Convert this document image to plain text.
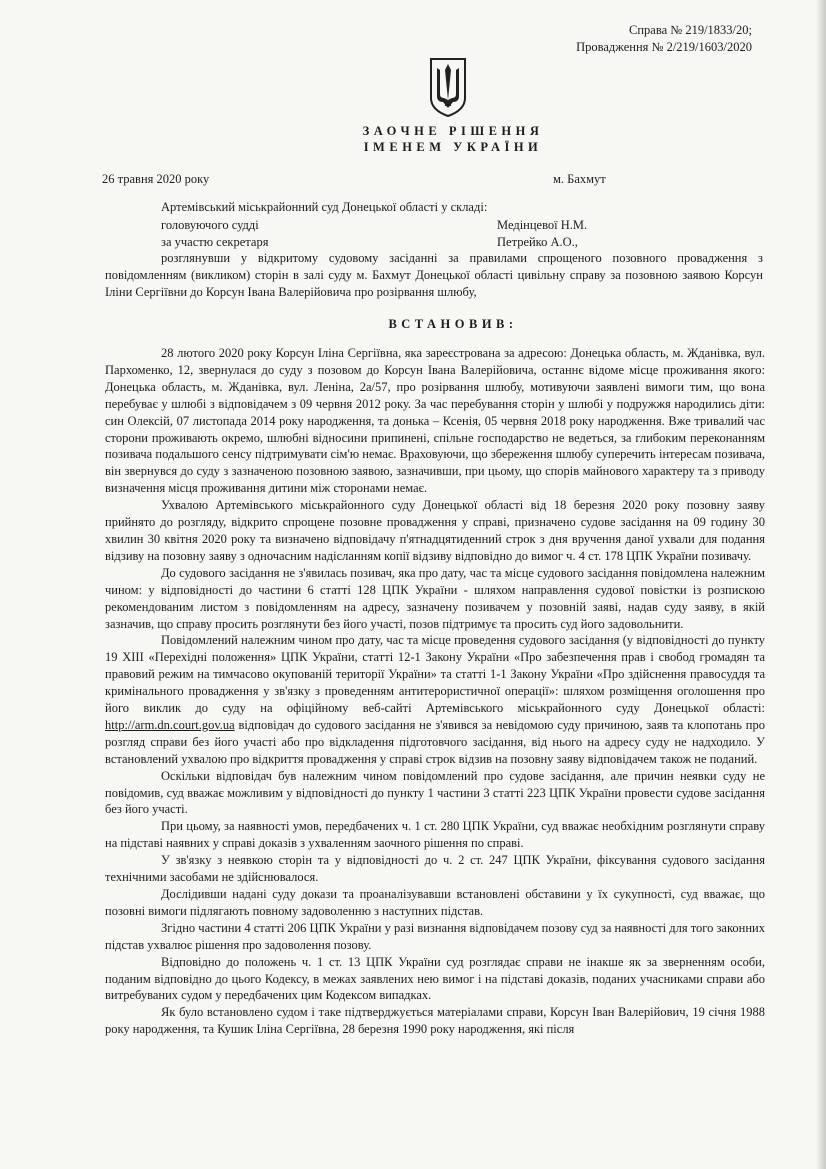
Справа № 219/1833/20;
Провадження № 2/219/1603/2020
ЗАОЧНЕ РІШЕННЯ
ІМЕНЕМ УКРАЇНИ
26 травня 2020 року	м. Бахмут
Артемівський міськрайонний суд Донецької області у складі:
головуючого судді	Медінцевої Н.М.
за участю секретаря	Петрейко А.О.,

розглянувши у відкритому судовому засіданні за правилами спрощеного позовного провадження з повідомленням (викликом) сторін в залі суду м. Бахмут Донецької області цивільну справу за позовною заявою Корсун Іліни Сергіївни до Корсун Івана Валерійовича про розірвання шлюбу,

ВСТАНОВИВ:

28 лютого 2020 року Корсун Іліна Сергіївна, яка зареєстрована за адресою: Донецька область, м. Жданівка, вул. Пархоменко, 12, звернулася до суду з позовом до Корсун Івана Валерійовича, останнє відоме місце проживання якого: Донецька область, м. Жданівка, вул. Леніна, 2а/57, про розірвання шлюбу, мотивуючи заявлені вимоги тим, що вона перебуває у шлюбі з відповідачем з 09 червня 2012 року. За час перебування сторін у шлюбі у подружжя народились діти: син Олексій, 07 листопада 2014 року народження, та донька – Ксенія, 05 червня 2018 року народження. Вже тривалий час сторони проживають окремо, шлюбні відносини припинені, спільне господарство не ведеться, за глибоким переконанням позивача подальшого сенсу підтримувати сім'ю немає. Враховуючи, що збереження шлюбу суперечить інтересам позивача, він звернувся до суду з зазначеною позовною заявою, зазначивши, при цьому, що спорів майнового характеру та з приводу визначення місця проживання дитини між сторонами немає.

Ухвалою Артемівського міськрайонного суду Донецької області від 18 березня 2020 року позовну заяву прийнято до розгляду, відкрито спрощене позовне провадження у справі, призначено судове засідання на 09 годину 30 хвилин 30 квітня 2020 року та визначено відповідачу п'ятнадцятиденний строк з дня вручення даної ухвали для подання відзиву на позовну заяву з одночасним надісланням копії відзиву відповідно до вимог ч. 4 ст. 178 ЦПК України позивачу.

До судового засідання не з'явилась позивач, яка про дату, час та місце судового засідання повідомлена належним чином: у відповідності до частини 6 статті 128 ЦПК України - шляхом направлення судової повістки із розпискою рекомендованим листом з повідомленням на адресу, зазначену позивачем у позовній заяві, надав суду заяву, в якій зазначив, що справу просить розглянути без його участі, позов підтримує та просить суд його задовольнити.

Повідомлений належним чином про дату, час та місце проведення судового засідання (у відповідності до пункту 19 XIII «Перехідні положення» ЦПК України, статті 12-1 Закону України «Про забезпечення прав і свобод громадян та правовий режим на тимчасово окупованій території України» та статті 1-1 Закону України «Про здійснення правосуддя та кримінального провадження у зв'язку з проведенням антитерористичної операції»: шляхом розміщення оголошення про його виклик до суду на офіційному веб-сайті Артемівського міськрайонного суду Донецької області: http://arm.dn.court.gov.ua відповідач до судового засідання не з'явився за невідомою суду причиною, заяв та клопотань про розгляд справи без його участі або про відкладення підготовчого засідання, від нього на адресу суду не надходило. У встановлений ухвалою про відкриття провадження у справі строк відзив на позовну заяву відповідачем також не поданий.

Оскільки відповідач був належним чином повідомлений про судове засідання, але причин неявки суду не повідомив, суд вважає можливим у відповідності до пункту 1 частини 3 статті 223 ЦПК України провести судове засідання без його участі.

При цьому, за наявності умов, передбачених ч. 1 ст. 280 ЦПК України, суд вважає необхідним розглянути справу на підставі наявних у справі доказів з ухваленням заочного рішення по справі.

У зв'язку з неявкою сторін та у відповідності до ч. 2 ст. 247 ЦПК України, фіксування судового засідання технічними засобами не здійснювалося.

Дослідивши надані суду докази та проаналізувавши встановлені обставини у їх сукупності, суд вважає, що позовні вимоги підлягають повному задоволенню з наступних підстав.

Згідно частини 4 статті 206 ЦПК України у разі визнання відповідачем позову суд за наявності для того законних підстав ухвалює рішення про задоволення позову.

Відповідно до положень ч. 1 ст. 13 ЦПК України суд розглядає справи не інакше як за зверненням особи, поданим відповідно до цього Кодексу, в межах заявлених нею вимог і на підставі доказів, поданих учасниками справи або витребуваних судом у передбачених цим Кодексом випадках.

Як було встановлено судом і таке підтверджується матеріалами справи, Корсун Іван Валерійович, 19 січня 1988 року народження, та Кушик Іліна Сергіївна, 28 березня 1990 року народження, які після
